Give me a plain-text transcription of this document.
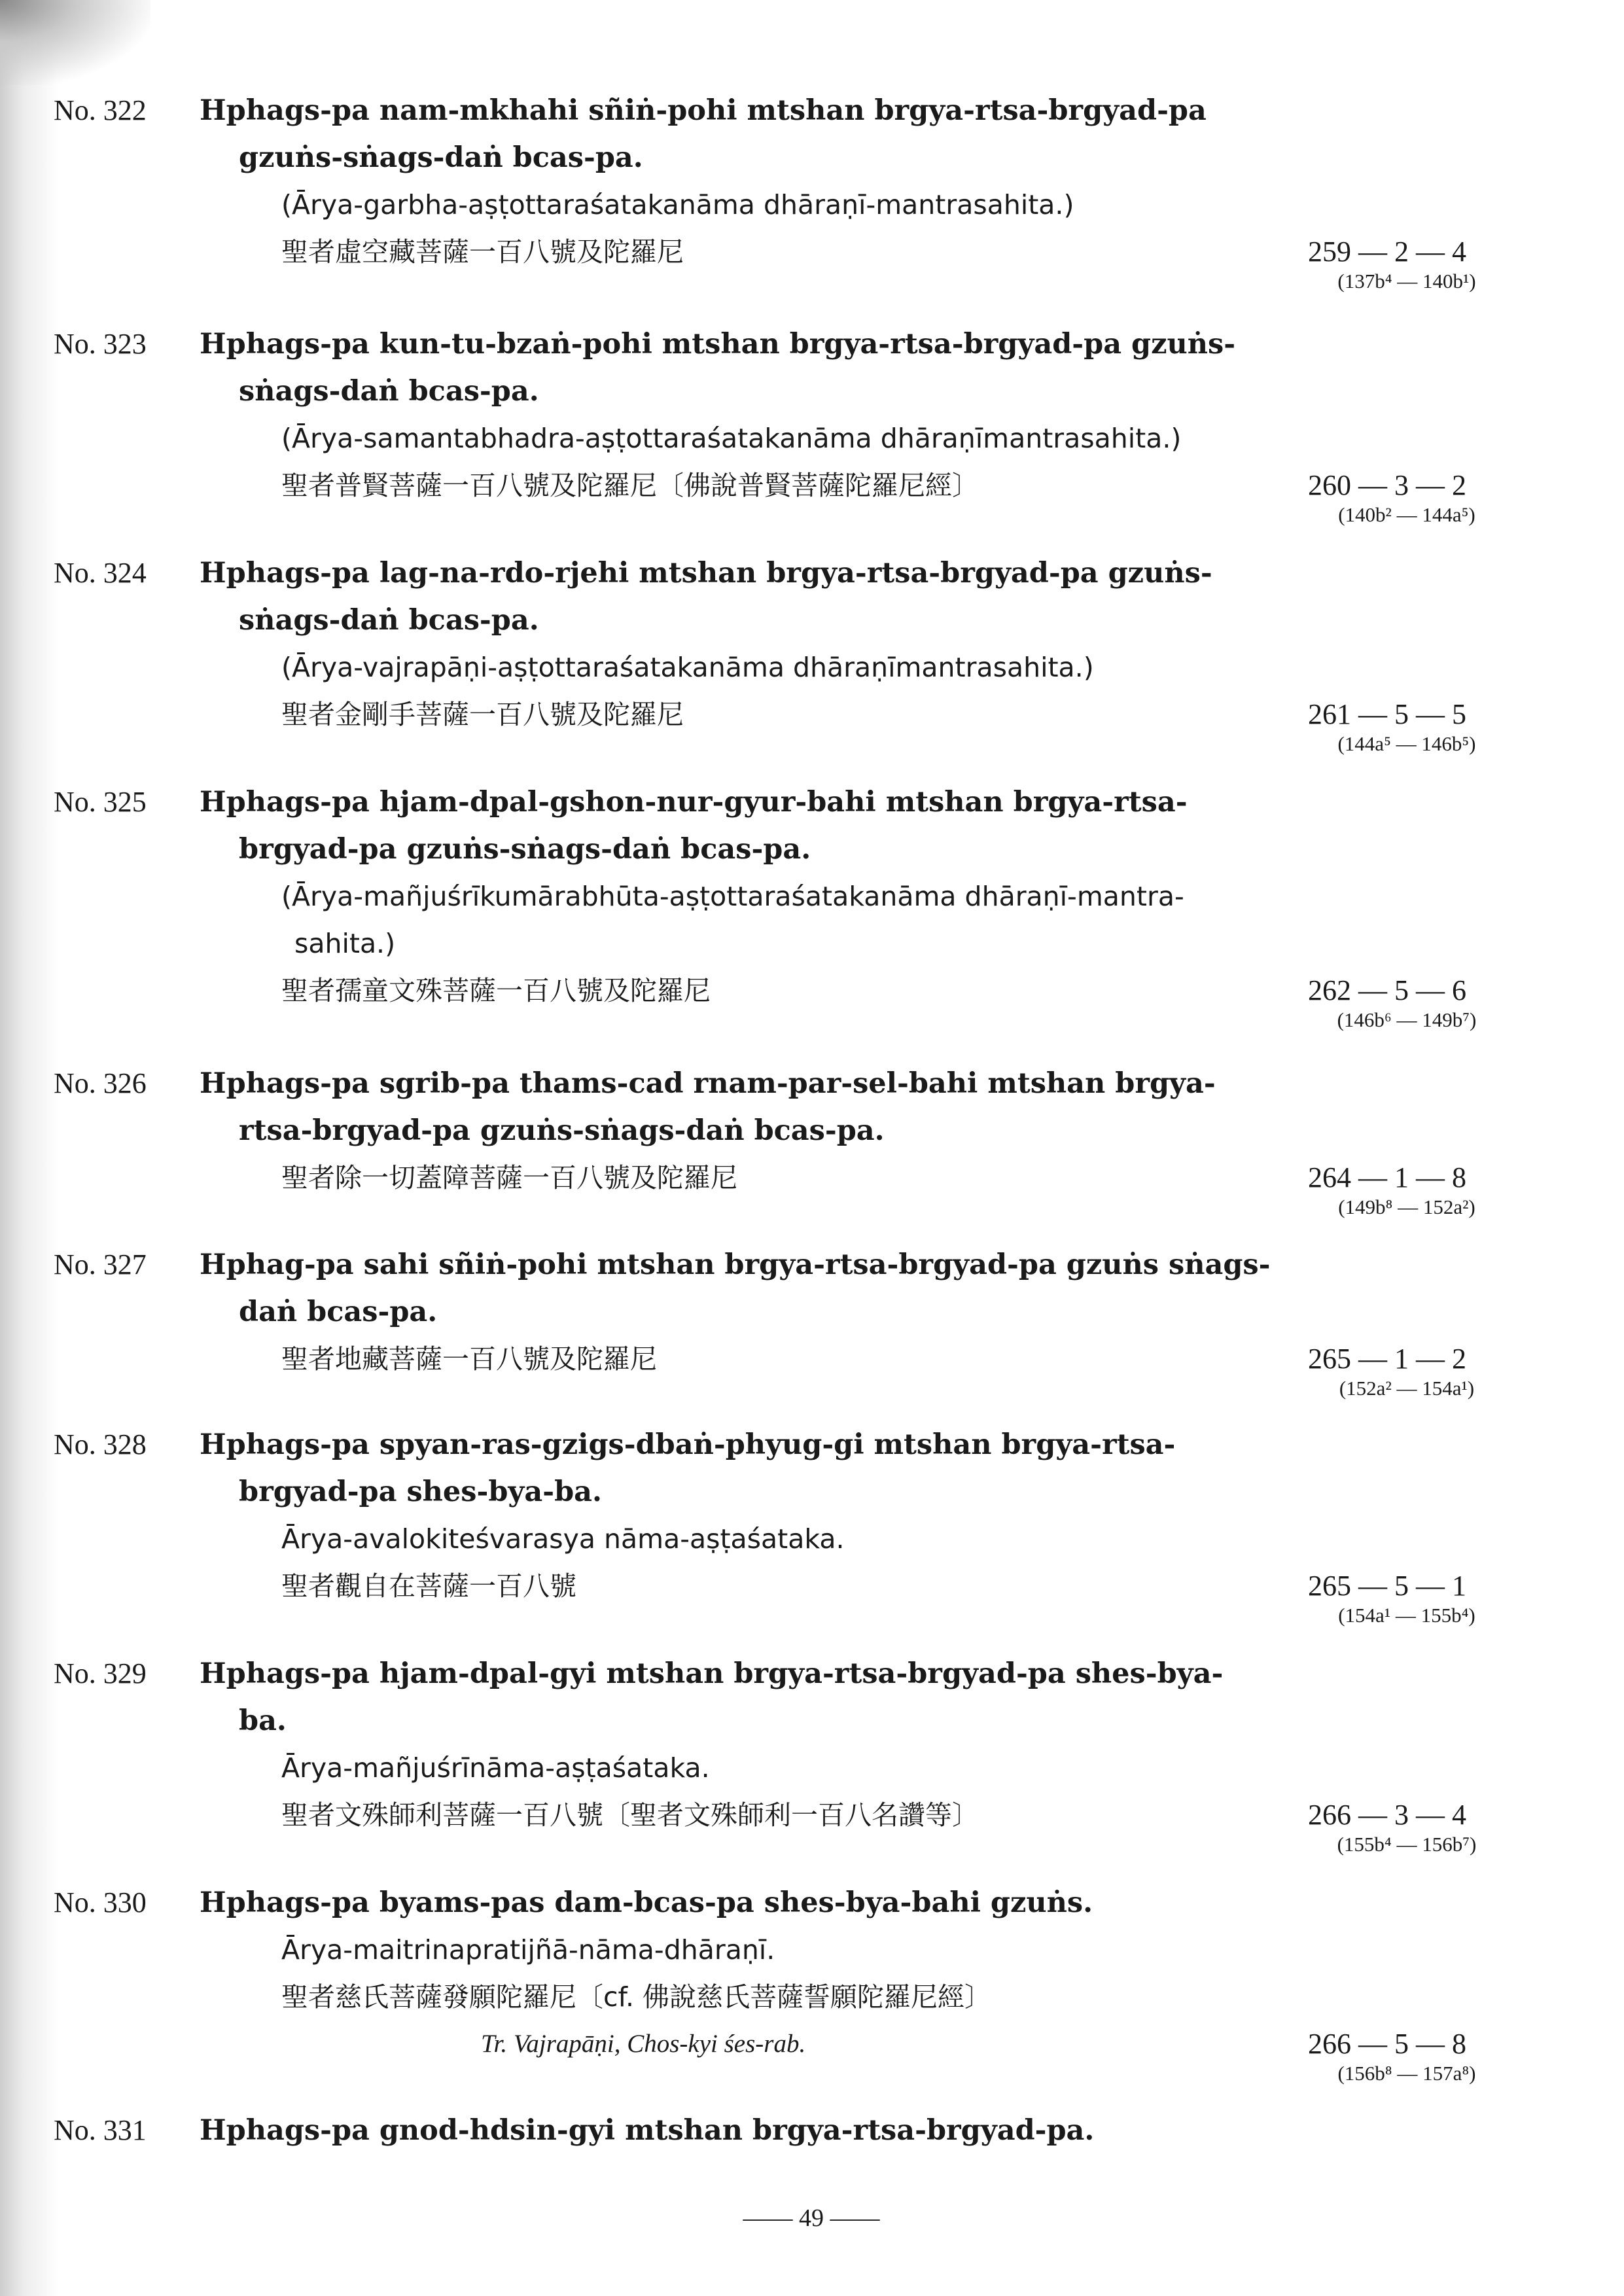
No. 322 Hphags-pa nam-mkhahi sñiṅ-pohi mtshan brgya-rtsa-brgyad-pa
gzuṅs-sṅags-daṅ bcas-pa.
(Ārya-garbha-aṣṭottaraśatakanāma dhāraṇī-mantrasahita.)
聖者虛空藏菩薩一百八號及陀羅尼	259 — 2 — 4
(137b⁴ — 140b¹)
No. 323 Hphags-pa kun-tu-bzaṅ-pohi mtshan brgya-rtsa-brgyad-pa gzuṅs-
sṅags-daṅ bcas-pa.
(Ārya-samantabhadra-aṣṭottaraśatakanāma dhāraṇīmantrasahita.)
聖者普賢菩薩一百八號及陀羅尼〔佛說普賢菩薩陀羅尼經〕	260 — 3 — 2
(140b² — 144a⁵)
No. 324 Hphags-pa lag-na-rdo-rjehi mtshan brgya-rtsa-brgyad-pa gzuṅs-
sṅags-daṅ bcas-pa.
(Ārya-vajrapāṇi-aṣṭottaraśatakanāma dhāraṇīmantrasahita.)
聖者金剛手菩薩一百八號及陀羅尼	261 — 5 — 5
(144a⁵ — 146b⁵)
No. 325 Hphags-pa hjam-dpal-gshon-nur-gyur-bahi mtshan brgya-rtsa-
brgyad-pa gzuṅs-sṅags-daṅ bcas-pa.
(Ārya-mañjuśrīkumārabhūta-aṣṭottaraśatakanāma dhāraṇī-mantra-
sahita.)
聖者孺童文殊菩薩一百八號及陀羅尼	262 — 5 — 6
(146b⁶ — 149b⁷)
No. 326 Hphags-pa sgrib-pa thams-cad rnam-par-sel-bahi mtshan brgya-
rtsa-brgyad-pa gzuṅs-sṅags-daṅ bcas-pa.
聖者除一切蓋障菩薩一百八號及陀羅尼	264 — 1 — 8
(149b⁸ — 152a²)
No. 327 Hphag-pa sahi sñiṅ-pohi mtshan brgya-rtsa-brgyad-pa gzuṅs sṅags-
daṅ bcas-pa.
聖者地藏菩薩一百八號及陀羅尼	265 — 1 — 2
(152a² — 154a¹)
No. 328 Hphags-pa spyan-ras-gzigs-dbaṅ-phyug-gi mtshan brgya-rtsa-
brgyad-pa shes-bya-ba.
Ārya-avalokiteśvarasya nāma-aṣṭaśataka.
聖者觀自在菩薩一百八號	265 — 5 — 1
(154a¹ — 155b⁴)
No. 329 Hphags-pa hjam-dpal-gyi mtshan brgya-rtsa-brgyad-pa shes-bya-
ba.
Ārya-mañjuśrīnāma-aṣṭaśataka.
聖者文殊師利菩薩一百八號〔聖者文殊師利一百八名讚等〕	266 — 3 — 4
(155b⁴ — 156b⁷)
No. 330 Hphags-pa byams-pas dam-bcas-pa shes-bya-bahi gzuṅs.
Ārya-maitrinapratijñā-nāma-dhāraṇī.
聖者慈氏菩薩發願陀羅尼〔cf. 佛說慈氏菩薩誓願陀羅尼經〕
Tr. Vajrapāṇi, Chos-kyi śes-rab.	266 — 5 — 8
(156b⁸ — 157a⁸)
No. 331 Hphags-pa gnod-hdsin-gyi mtshan brgya-rtsa-brgyad-pa.
—— 49 ——
